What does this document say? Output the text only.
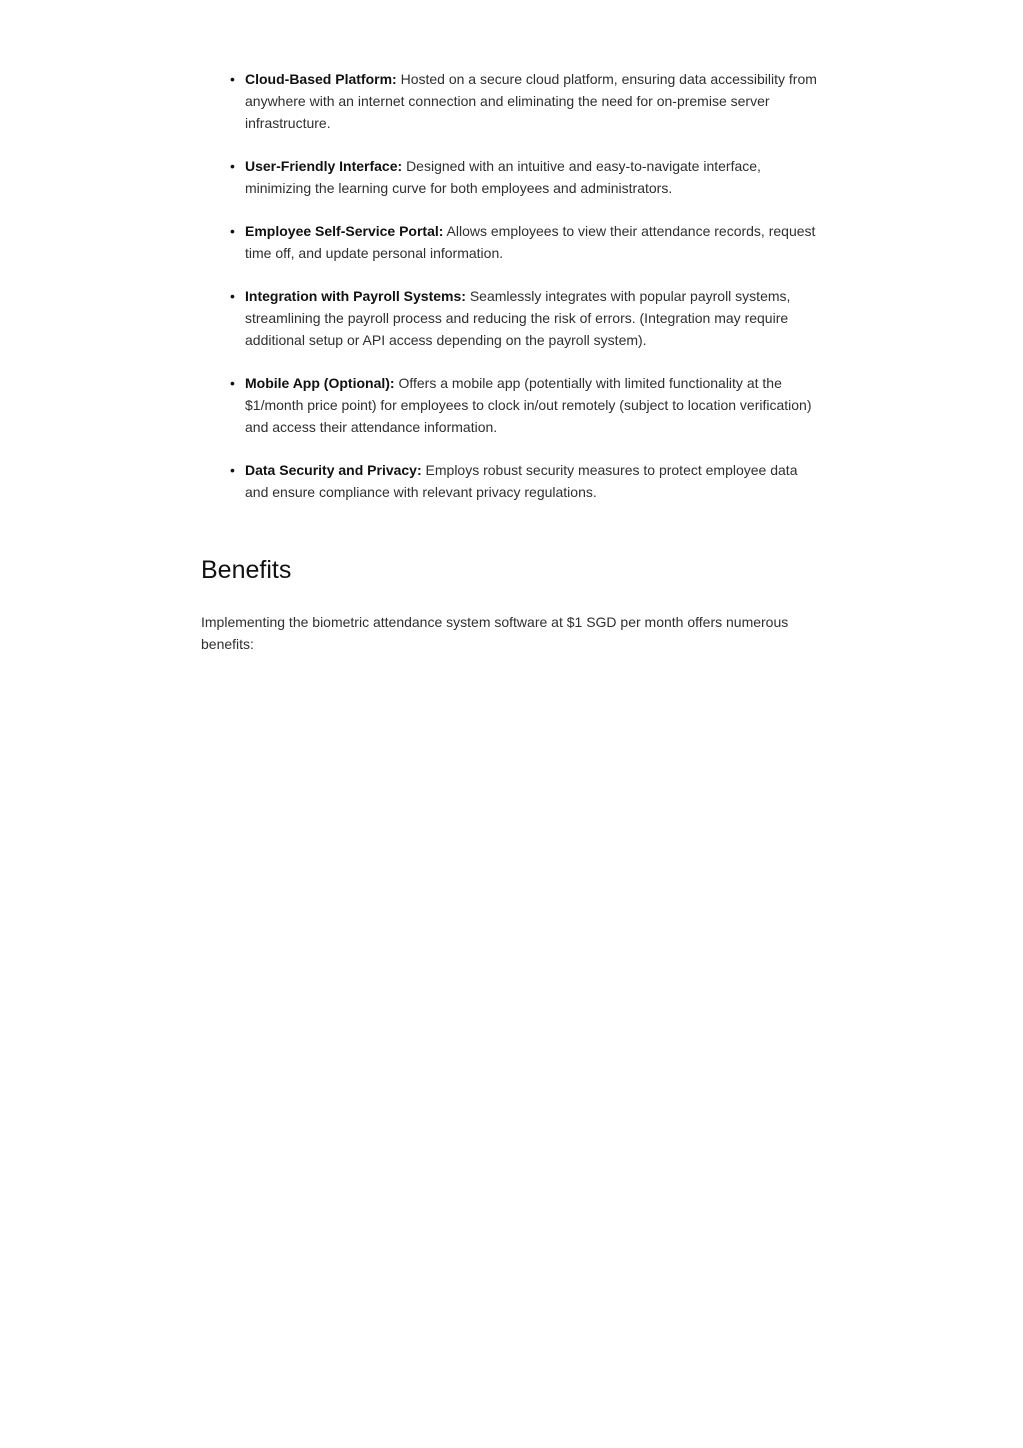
• Cloud-Based Platform: Hosted on a secure cloud platform, ensuring data accessibility from anywhere with an internet connection and eliminating the need for on-premise server infrastructure.
• User-Friendly Interface: Designed with an intuitive and easy-to-navigate interface, minimizing the learning curve for both employees and administrators.
• Employee Self-Service Portal: Allows employees to view their attendance records, request time off, and update personal information.
• Integration with Payroll Systems: Seamlessly integrates with popular payroll systems, streamlining the payroll process and reducing the risk of errors. (Integration may require additional setup or API access depending on the payroll system).
• Mobile App (Optional): Offers a mobile app (potentially with limited functionality at the $1/month price point) for employees to clock in/out remotely (subject to location verification) and access their attendance information.
• Data Security and Privacy: Employs robust security measures to protect employee data and ensure compliance with relevant privacy regulations.
Benefits

Implementing the biometric attendance system software at $1 SGD per month offers numerous benefits:
